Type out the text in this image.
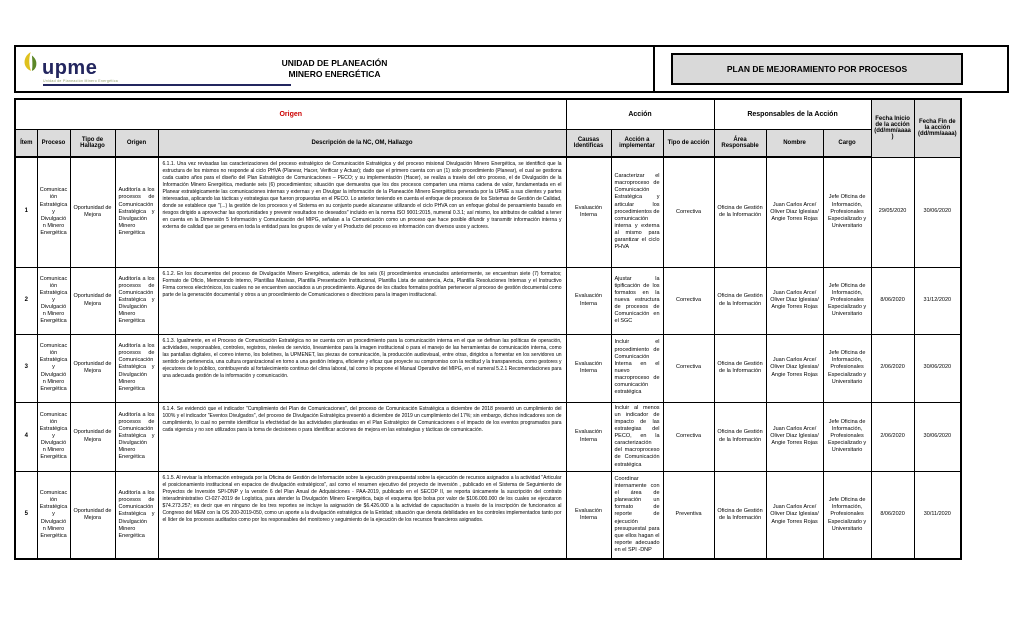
upme
Unidad de Planeación Minero Energética
UNIDAD DE PLANEACIÓN
MINERO ENERGÉTICA	PLAN DE MEJORAMIENTO POR PROCESOS
Origen					Acción			Responsables de la Acción			Fecha Inicio de la acción (dd/mm/aaaa)	Fecha Fin de la acción (dd/mm/aaaa)
Ítem	Proceso	Tipo de Hallazgo	Origen	Descripción de la NC, OM, Hallazgo	Causas Identificas	Acción a implementar	Tipo de acción	Área Responsable	Nombre	Cargo		
1	Comunicación Estratégica y Divulgación Minero Energética	Oportunidad de Mejora	Auditoría a los procesos de Comunicación Estratégica y Divulgación Minero Energética	6.1.1. Una vez revisadas las caracterizaciones del proceso estratégico de Comunicación Estratégica y del proceso misional Divulgación Minero Energética, se identificó que la estructura de los mismos no responde al ciclo PHVA (Planear, Hacer, Verificar y Actuar); dado que el primero cuenta con un (1) solo procedimiento (Planear), el cual se gestiona cada cuatro años para el diseño del Plan Estratégico de Comunicaciones – PECO; y su implementación (Hacer), se realiza a través del otro proceso, el de Divulgación de la Información Minero Energética, mediante seis (6) procedimientos; situación que demuestra que los dos procesos comparten una misma cadena de valor, fundamentada en el Planear estratégicamente las comunicaciones internas y externas y en Divulgar la información de la Planeación Minero Energética generada por la UPME a sus clientes y partes interesadas, aplicando las tácticas y estrategias que fueron propuestas en el PECO. Lo anterior teniendo en cuenta el enfoque de procesos de los Sistemas de Gestión de Calidad, donde se establece que "(...) la gestión de los procesos y el Sistema en su conjunto puede alcanzarse utilizando el ciclo PHVA con un enfoque global de pensamiento basado en riesgos dirigido a aprovechar las oportunidades y prevenir resultados no deseados" incluido en la norma ISO 9001:2015, numeral 0.3.1; así mismo, los atributos de calidad a tener en cuenta en la Dimensión 5 Información y Comunicación del MIPG, señalan a la Comunicación como un proceso que hace posible difundir y transmitir información interna y externa de calidad que se genera en toda la entidad para los grupos de valor y el Producto del proceso es información con diversos usos y actores.	Evaluación Interna	Caracterizar el macroproceso de Comunicación Estratégica y articular los procedimientos de comunicación interna y externa al mismo para garantizar el ciclo PHVA	Correctiva	Oficina de Gestión de la Información	Juan Carlos Arce/ Oliver Diaz Iglesias/ Angie Torres Rojas	Jefe Oficina de Información, Profesionales Especializado y Universitario	29/05/2020	30/06/2020
2	Comunicación Estratégica y Divulgación Minero Energética	Oportunidad de Mejora	Auditoría a los procesos de Comunicación Estratégica y Divulgación Minero Energética	6.1.2. En los documentos del proceso de Divulgación Minero Energética, además de los seis (6) procedimientos enunciados anteriormente, se encuentran siete (7) formatos; Formato de Oficio, Memorando interno, Plantillas Masivas, Plantilla Presentación Institucional, Plantilla Lista de asistencia, Acta, Plantilla Resoluciones Internas y el Instructivo Firma correos electrónicos, los cuales no se encuentren asociados a un procedimiento. Algunos de los citados formatos podrían pertenecer al proceso de gestión documental como parte de la generación documental y otros a un procedimiento de Comunicaciones o directrices para la imagen institucional.	Evaluación Interna	Ajustar la tipificación de los formatos en la nueva estructura de procesos de Comunicación en el SGC	Correctiva	Oficina de Gestión de la Información	Juan Carlos Arce/ Oliver Diaz Iglesias/ Angie Torres Rojas	Jefe Oficina de Información, Profesionales Especializado y Universitario	8/06/2020	31/12/2020
3	Comunicación Estratégica y Divulgación Minero Energética	Oportunidad de Mejora	Auditoría a los procesos de Comunicación Estratégica y Divulgación Minero Energética	6.1.3. Igualmente, en el Proceso de Comunicación Estratégica no se cuenta con un procedimiento para la comunicación interna en el que se definan las políticas de operación, actividades, responsables, controles, registros, niveles de servicio, lineamientos para la imagen institucional o para el manejo de las herramientas de comunicación interna, como las pantallas digitales, el correo interno, los boletines, la UPMENET, las piezas de comunicación, la producción audiovisual, entre otras, dirigidos a fomentar en los servidores un sentido de pertenencia, una cultura organizacional en torno a una gestión íntegra, eficiente y eficaz que proyecte su compromiso con la rectitud y la transparencia, como gestores y ejecutores de lo público, contribuyendo al fortalecimiento continuo del clima laboral, tal como lo propone el Manual Operativo del MIPG, en el numeral 5.2.1 Recomendaciones para una adecuada gestión de la información y comunicación.	Evaluación Interna	Incluir el procedimiento de Comunicación Interna en el nuevo macroproceso de comunicación estratégica	Correctiva	Oficina de Gestión de la Información	Juan Carlos Arce/ Oliver Diaz Iglesias/ Angie Torres Rojas	Jefe Oficina de Información, Profesionales Especializado y Universitario	2/06/2020	30/06/2020
4	Comunicación Estratégica y Divulgación Minero Energética	Oportunidad de Mejora	Auditoría a los procesos de Comunicación Estratégica y Divulgación Minero Energética	6.1.4. Se evidenció que el indicador "Cumplimiento del Plan de Comunicaciones", del proceso de Comunicación Estratégica a diciembre de 2018 presentó un cumplimiento del 100% y el indicador "Eventos Divulgados", del proceso de Divulgación Estratégica presentó a diciembre de 2019 un cumplimiento del 17%; sin embargo, dichos indicadores son de cumplimiento, lo cual no permite identificar la efectividad de las actividades planteadas en el Plan Estratégico de Comunicaciones o el impacto de los eventos programados para cada vigencia y no son utilizados para la toma de decisiones o para identificar acciones de mejora en las estrategias y tácticas de comunicación.	Evaluación Interna	Incluir al menos un indicador de impacto de las estrategias del PECO, en la caracterización del macroproceso de Comunicación estratégica	Correctiva	Oficina de Gestión de la Información	Juan Carlos Arce/ Oliver Diaz Iglesias/ Angie Torres Rojas	Jefe Oficina de Información, Profesionales Especializado y Universitario	2/06/2020	30/06/2020
5	Comunicación Estratégica y Divulgación Minero Energética	Oportunidad de Mejora	Auditoría a los procesos de Comunicación Estratégica y Divulgación Minero Energética	6.1.5. Al revisar la información entregada por la Oficina de Gestión de Información sobre la ejecución presupuestal sobre la ejecución de recursos asignados a la actividad "Articular el posicionamiento institucional en espacios de divulgación estratégicos", así como el resumen ejecutivo del proyecto de inversión , publicado en el Sistema de Seguimiento de Proyectos de Inversión SPI-DNP y la versión 6 del Plan Anual de Adquisiciones - PAA-2019, publicado en el SECOP II, se reporta únicamente la suscripción del contrato interadministrativo CI-027-2019 de Logística, para atender la Divulgación Minero Energética, bajo el esquema tipo bolsa por valor de $106.000.000 de los cuales se ejecutaron $74.273.257; es decir que en ninguno de los tres reportes se incluye la asignación de $6.426.000 a la actividad de capacitación a través de la inscripción de funcionarios al Congreso del MEM con la OS 200-2019-050, como un aporte a la divulgación estratégica de la Entidad; situación que denota debilidades en los controles implementados tanto por el líder de los procesos auditados como por los responsables del monitoreo y seguimiento de la ejecución de los recursos financieros asignados.	Evaluación Interna	Coordinar internamente con el área de planeación un formato de reporte de ejecución presupuestal para que ellos hagan el reporte adecuado en el SPI -DNP	Preventiva	Oficina de Gestión de la Información	Juan Carlos Arce/ Oliver Diaz Iglesias/ Angie Torres Rojas	Jefe Oficina de Información, Profesionales Especializado y Universitario	8/06/2020	30/11/2020
